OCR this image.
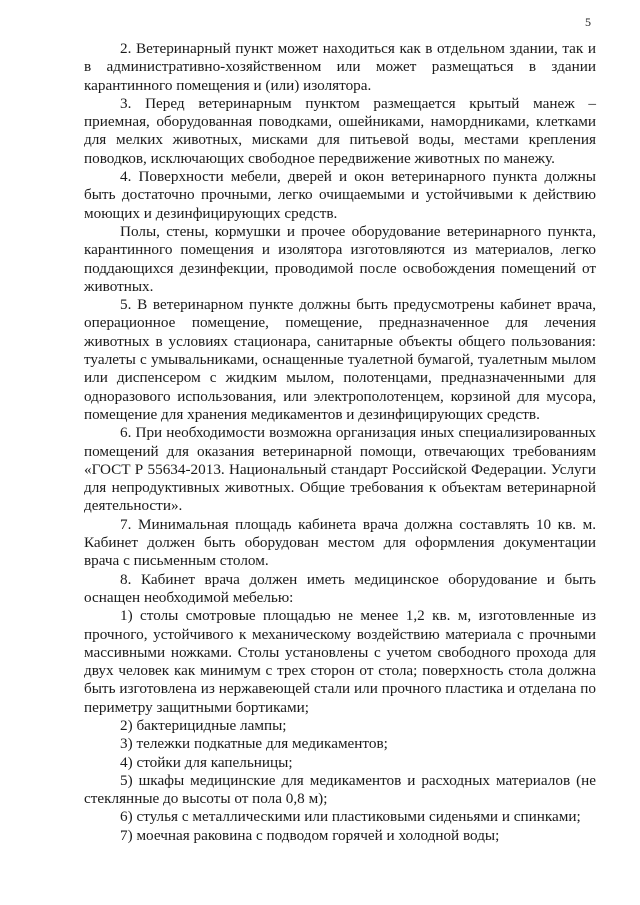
5

2. Ветеринарный пункт может находиться как в отдельном здании, так и в административно-хозяйственном или может размещаться в здании карантинного помещения и (или) изолятора.

3. Перед ветеринарным пунктом размещается крытый манеж – приемная, оборудованная поводками, ошейниками, намордниками, клетками для мелких животных, мисками для питьевой воды, местами крепления поводков, исключающих свободное передвижение животных по манежу.

4. Поверхности мебели, дверей и окон ветеринарного пункта должны быть достаточно прочными, легко очищаемыми и устойчивыми к действию моющих и дезинфицирующих средств.

Полы, стены, кормушки и прочее оборудование ветеринарного пункта, карантинного помещения и изолятора изготовляются из материалов, легко поддающихся дезинфекции, проводимой после освобождения помещений от животных.

5. В ветеринарном пункте должны быть предусмотрены кабинет врача, операционное помещение, помещение, предназначенное для лечения животных в условиях стационара, санитарные объекты общего пользования: туалеты с умывальниками, оснащенные туалетной бумагой, туалетным мылом или диспенсером с жидким мылом, полотенцами, предназначенными для одноразового использования, или электрополотенцем, корзиной для мусора, помещение для хранения медикаментов и дезинфицирующих средств.

6. При необходимости возможна организация иных специализированных помещений для оказания ветеринарной помощи, отвечающих требованиям «ГОСТ Р 55634-2013. Национальный стандарт Российской Федерации. Услуги для непродуктивных животных. Общие требования к объектам ветеринарной деятельности».

7. Минимальная площадь кабинета врача должна составлять 10 кв. м. Кабинет должен быть оборудован местом для оформления документации врача с письменным столом.

8. Кабинет врача должен иметь медицинское оборудование и быть оснащен необходимой мебелью:

1) столы смотровые площадью не менее 1,2 кв. м, изготовленные из прочного, устойчивого к механическому воздействию материала с прочными массивными ножками. Столы установлены с учетом свободного прохода для двух человек как минимум с трех сторон от стола; поверхность стола должна быть изготовлена из нержавеющей стали или прочного пластика и отделана по периметру защитными бортиками;

2) бактерицидные лампы;

3) тележки подкатные для медикаментов;

4) стойки для капельницы;

5) шкафы медицинские для медикаментов и расходных материалов (не стеклянные до высоты от пола 0,8 м);

6) стулья с металлическими или пластиковыми сиденьями и спинками;

7) моечная раковина с подводом горячей и холодной воды;
